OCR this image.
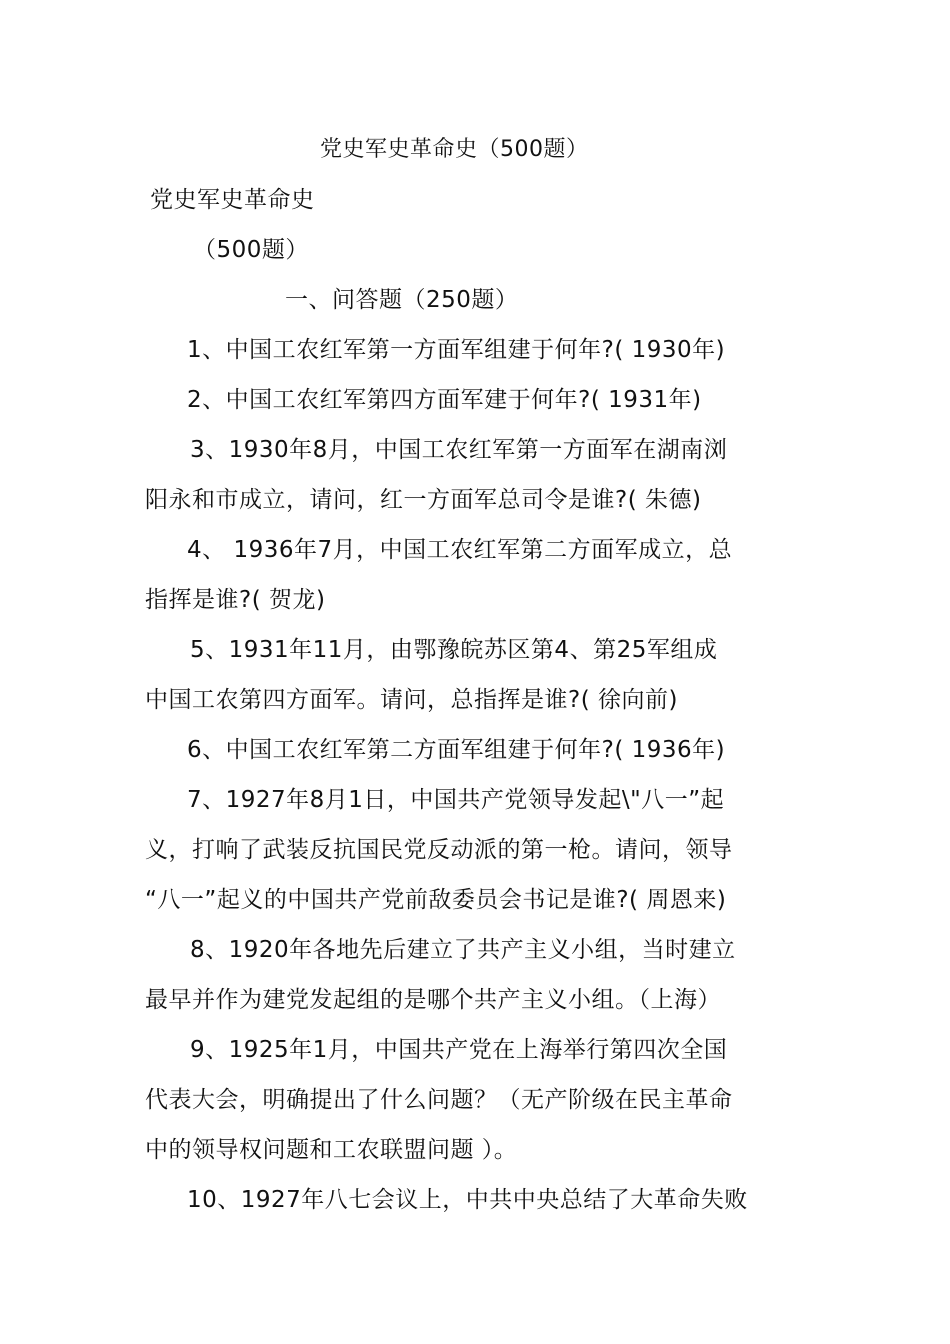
党史军史革命史（500题）
党史军史革命史
（500题）
一、问答题（250题）
1、中国工农红军第一方面军组建于何年?( 1930年)
2、中国工农红军第四方面军建于何年?( 1931年)
3、1930年8月，中国工农红军第一方面军在湖南浏
阳永和市成立，请问，红一方面军总司令是谁?( 朱德)
4、 1936年7月，中国工农红军第二方面军成立，总
指挥是谁?( 贺龙)
5、1931年11月，由鄂豫皖苏区第4、第25军组成
中国工农第四方面军。请问，总指挥是谁?( 徐向前)
6、中国工农红军第二方面军组建于何年?( 1936年)
7、1927年8月1日，中国共产党领导发起\"八一”起
义，打响了武装反抗国民党反动派的第一枪。请问，领导
“八一”起义的中国共产党前敌委员会书记是谁?( 周恩来)
8、1920年各地先后建立了共产主义小组，当时建立
最早并作为建党发起组的是哪个共产主义小组。（上海）
9、1925年1月，中国共产党在上海举行第四次全国
代表大会，明确提出了什么问题？（无产阶级在民主革命
中的领导权问题和工农联盟问题 ）。
10、1927年八七会议上，中共中央总结了大革命失败
